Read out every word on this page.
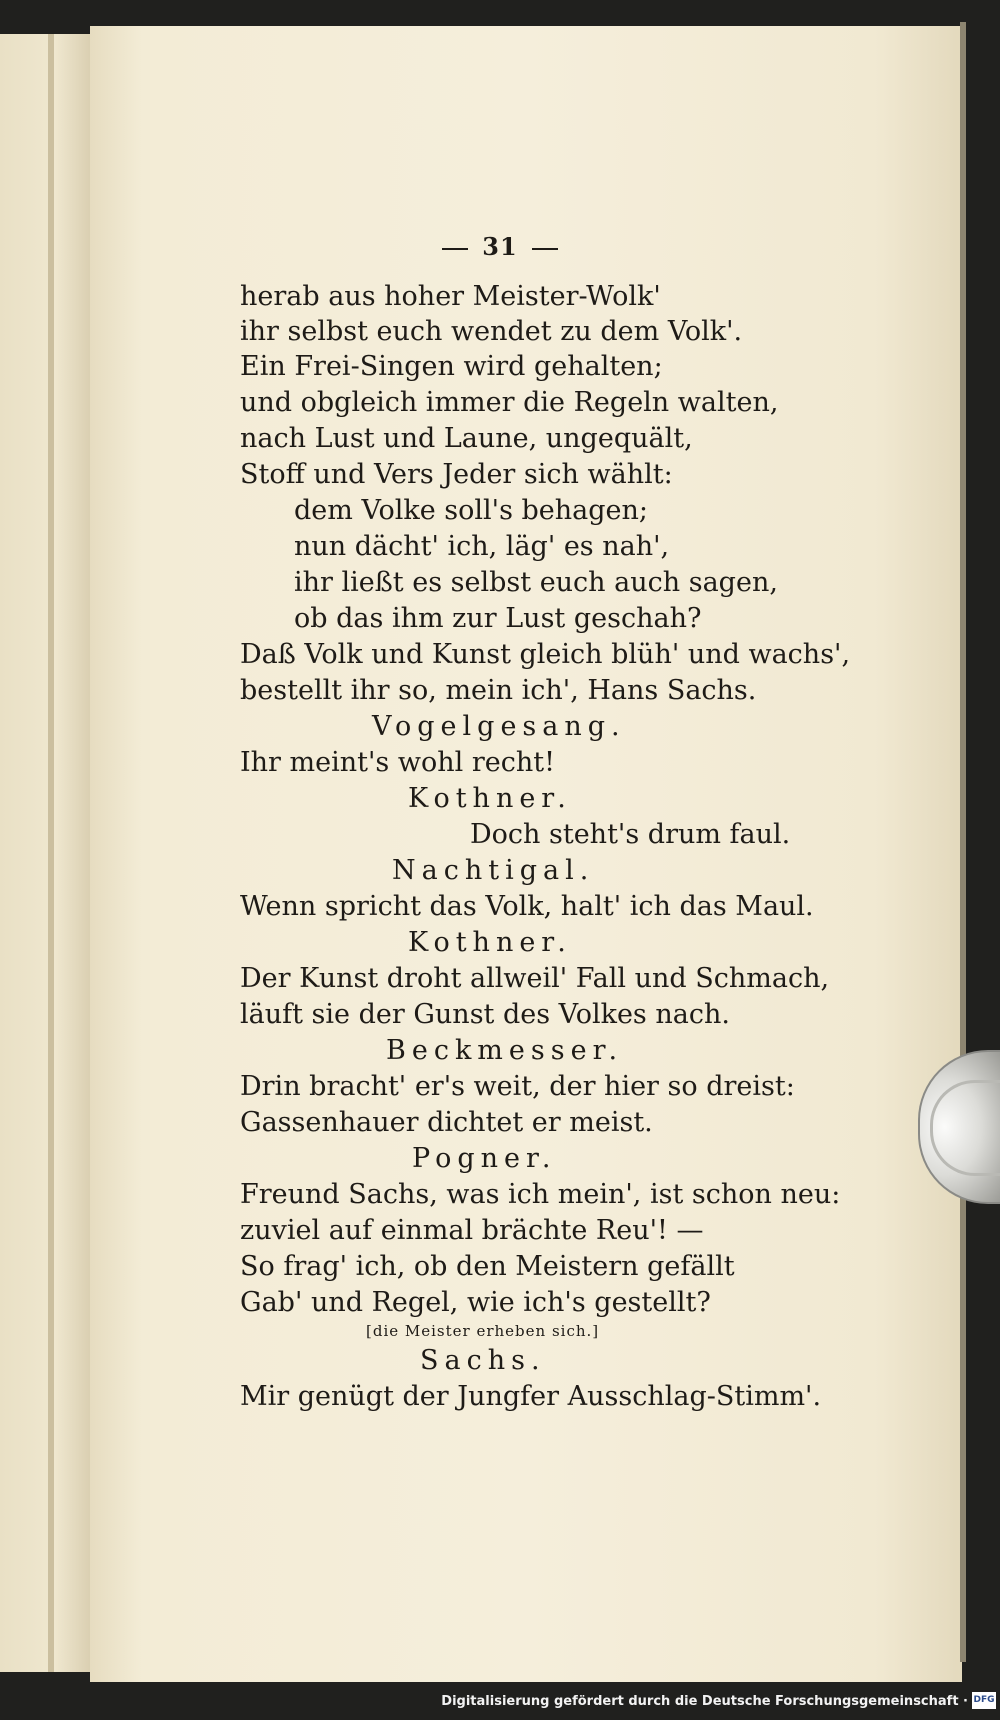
31
herab aus hoher Meister-Wolk'
ihr selbst euch wendet zu dem Volk'.
Ein Frei-Singen wird gehalten;
und obgleich immer die Regeln walten,
nach Lust und Laune, ungequält,
Stoff und Vers Jeder sich wählt:
dem Volke soll's behagen;
nun dächt' ich, läg' es nah',
ihr ließt es selbst euch auch sagen,
ob das ihm zur Lust geschah?
Daß Volk und Kunst gleich blüh' und wachs',
bestellt ihr so, mein ich', Hans Sachs.
Vogelgesang.
Ihr meint's wohl recht!
Kothner.
Doch steht's drum faul.
Nachtigal.
Wenn spricht das Volk, halt' ich das Maul.
Kothner.
Der Kunst droht allweil' Fall und Schmach,
läuft sie der Gunst des Volkes nach.
Beckmesser.
Drin bracht' er's weit, der hier so dreist:
Gassenhauer dichtet er meist.
Pogner.
Freund Sachs, was ich mein', ist schon neu:
zuviel auf einmal brächte Reu'! —
So frag' ich, ob den Meistern gefällt
Gab' und Regel, wie ich's gestellt?
[die Meister erheben sich.]
Sachs.
Mir genügt der Jungfer Ausschlag-Stimm'.
Digitalisierung gefördert durch die Deutsche Forschungsgemeinschaft · DFG
